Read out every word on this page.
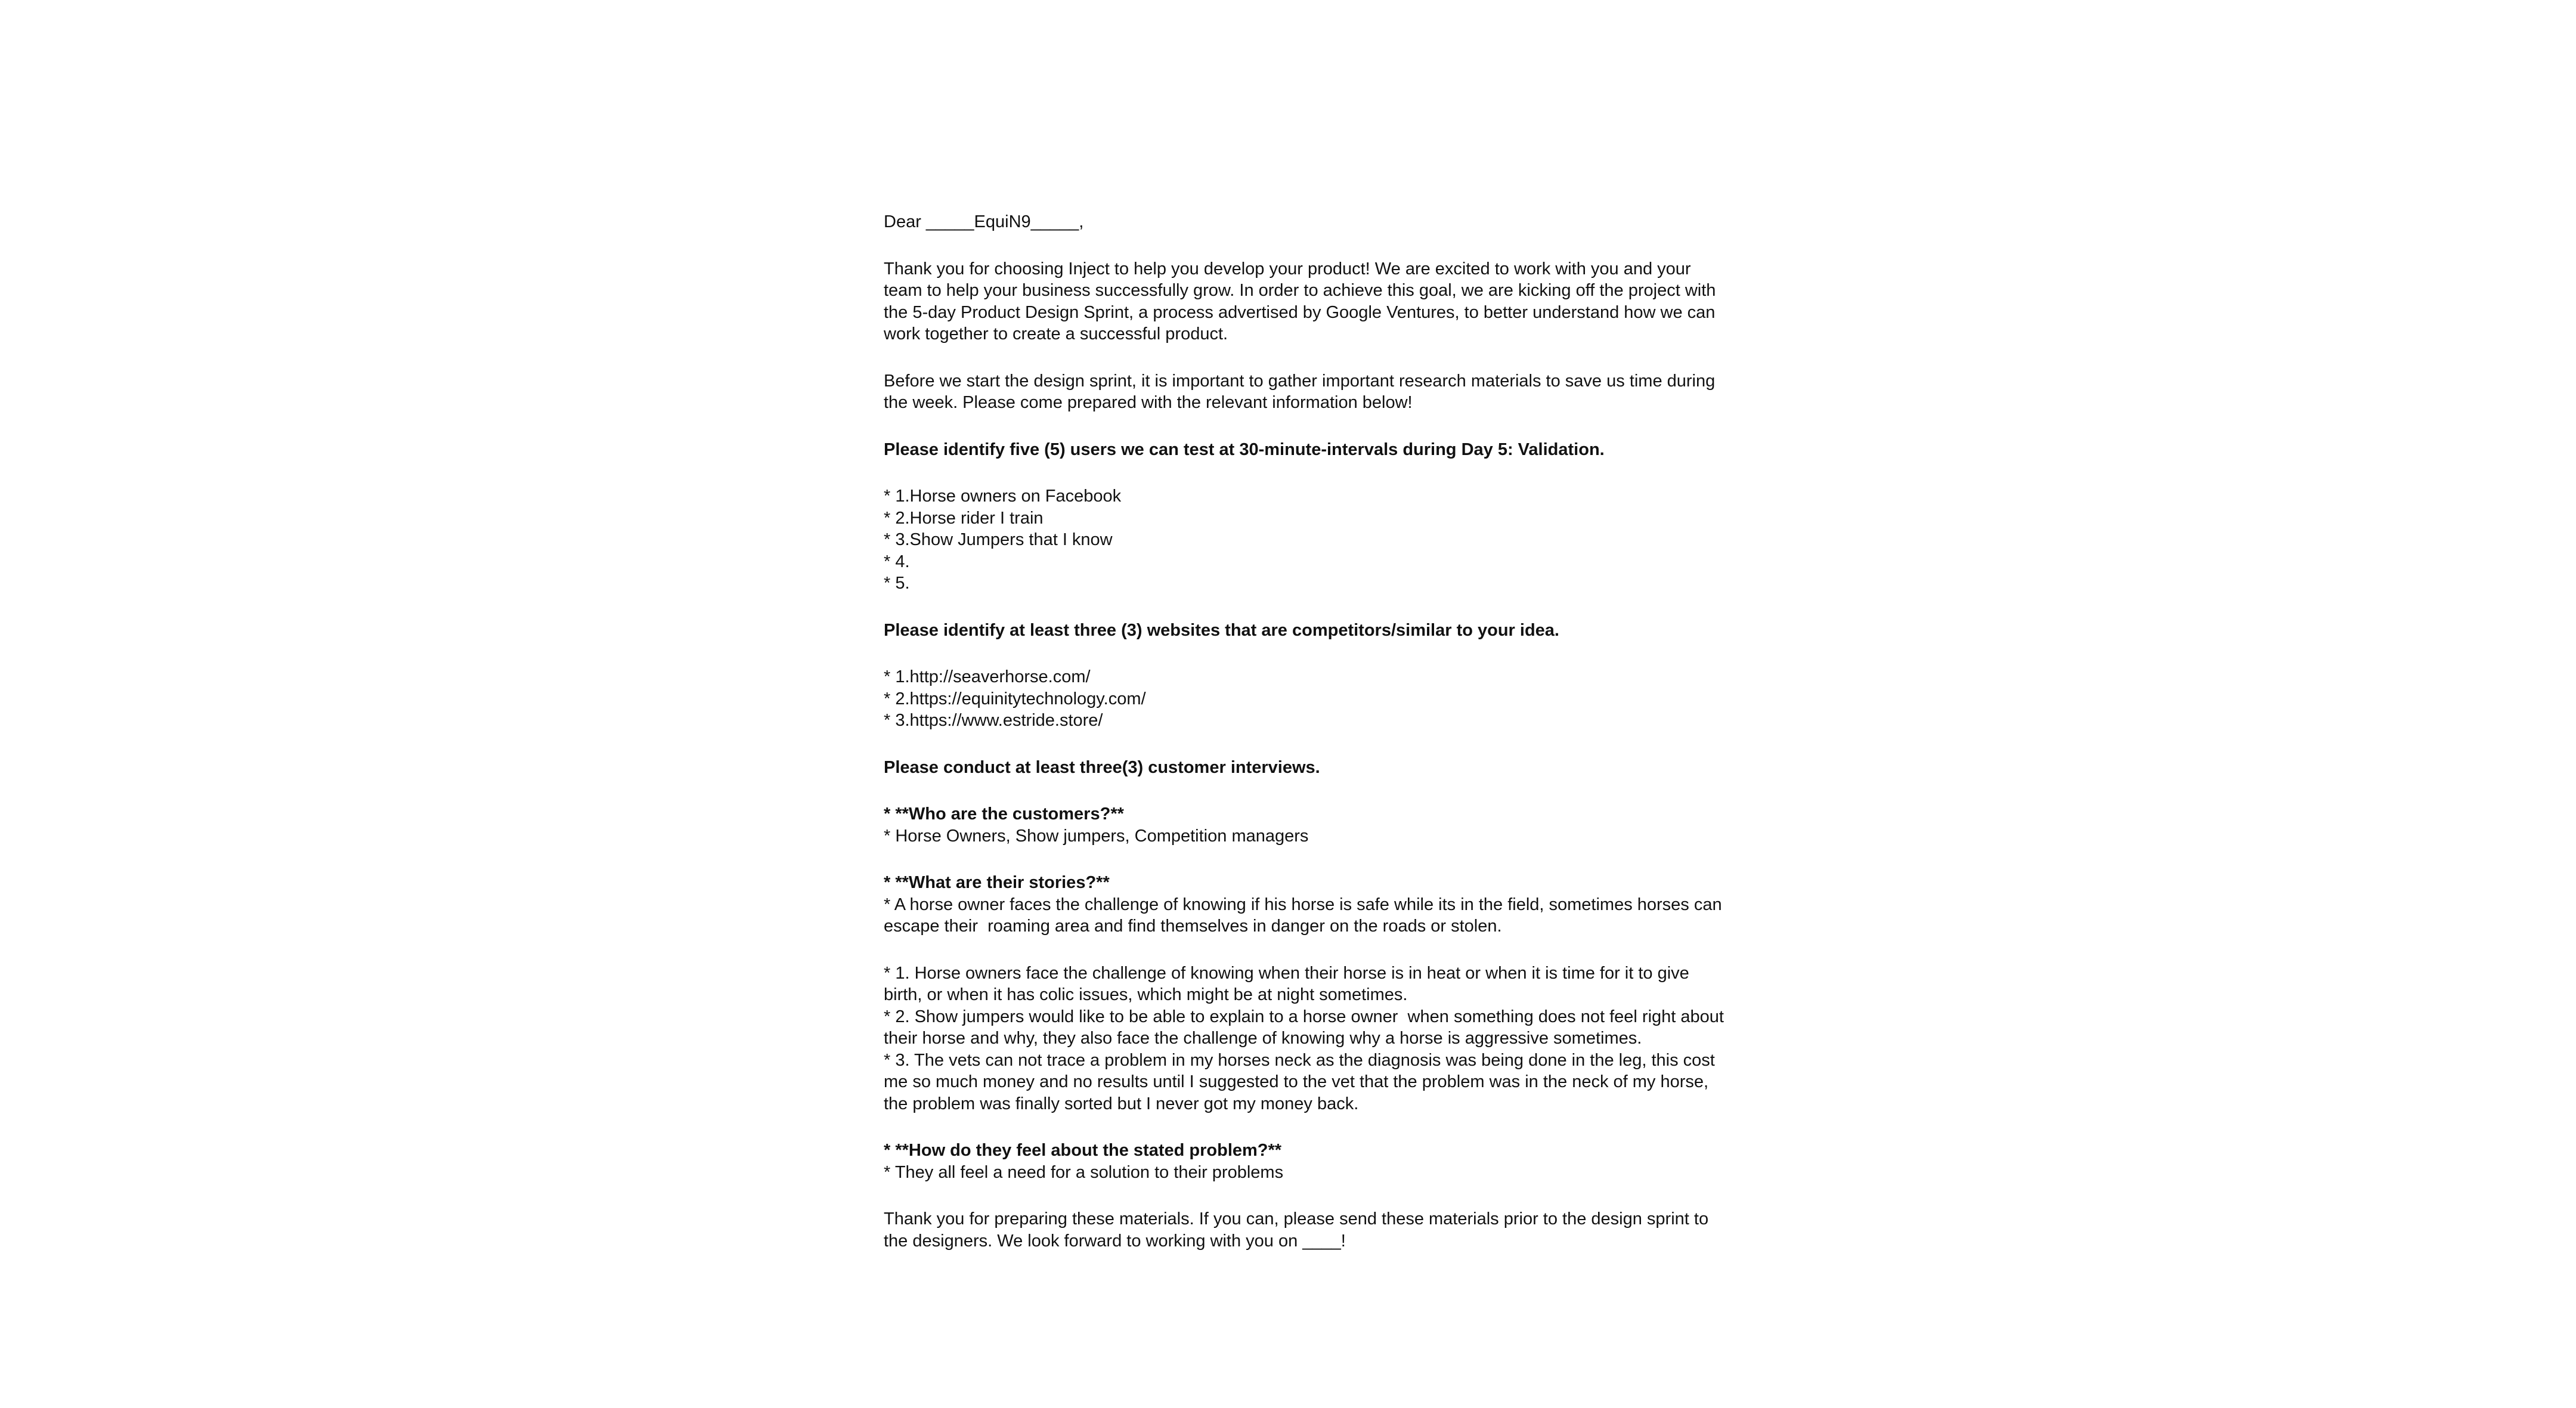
Dear _____EquiN9_____,

Thank you for choosing Inject to help you develop your product! We are excited to work with you and your team to help your business successfully grow. In order to achieve this goal, we are kicking off the project with the 5-day Product Design Sprint, a process advertised by Google Ventures, to better understand how we can work together to create a successful product.

Before we start the design sprint, it is important to gather important research materials to save us time during the week. Please come prepared with the relevant information below!

Please identify five (5) users we can test at 30-minute-intervals during Day 5: Validation.

* 1.Horse owners on Facebook
* 2.Horse rider I train
* 3.Show Jumpers that I know
* 4.
* 5.

Please identify at least three (3) websites that are competitors/similar to your idea.

* 1.http://seaverhorse.com/
* 2.https://equinitytechnology.com/
* 3.https://www.estride.store/

Please conduct at least three(3) customer interviews.

* **Who are the customers?**
* Horse Owners, Show jumpers, Competition managers
* **What are their stories?**
* A horse owner faces the challenge of knowing if his horse is safe while its in the field, sometimes horses can escape their  roaming area and find themselves in danger on the roads or stolen.
* 1. Horse owners face the challenge of knowing when their horse is in heat or when it is time for it to give birth, or when it has colic issues, which might be at night sometimes.
* 2. Show jumpers would like to be able to explain to a horse owner  when something does not feel right about their horse and why, they also face the challenge of knowing why a horse is aggressive sometimes.
* 3. The vets can not trace a problem in my horses neck as the diagnosis was being done in the leg, this cost me so much money and no results until I suggested to the vet that the problem was in the neck of my horse, the problem was finally sorted but I never got my money back.
* **How do they feel about the stated problem?**
* They all feel a need for a solution to their problems

Thank you for preparing these materials. If you can, please send these materials prior to the design sprint to the designers. We look forward to working with you on ____!
